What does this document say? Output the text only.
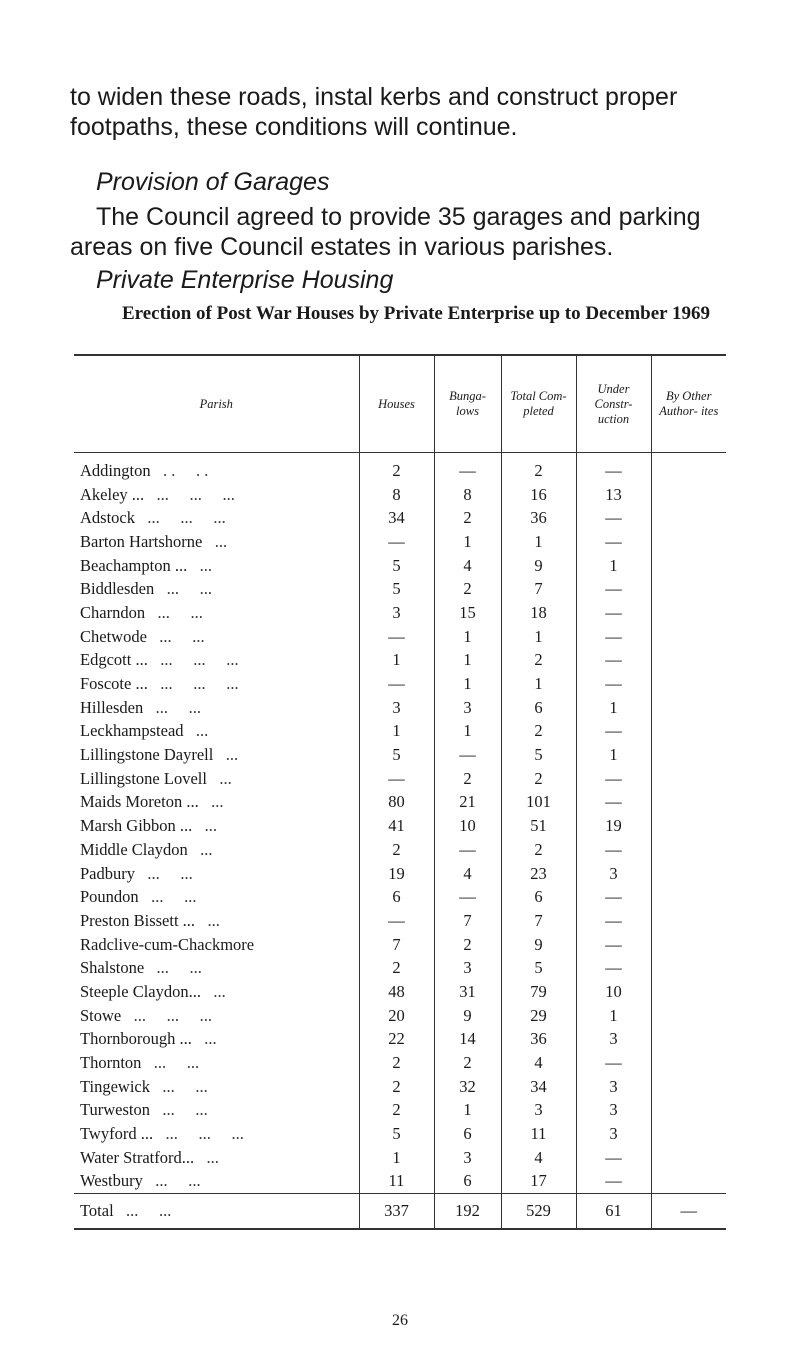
to widen these roads, instal kerbs and construct proper footpaths, these conditions will continue.

Provision of Garages

The Council agreed to provide 35 garages and parking areas on five Council estates in various parishes.

Private Enterprise Housing

Erection of Post War Houses by Private Enterprise up to December 1969

Parish	Houses	Bunga- lows	Total Com- pleted	Under Constr- uction	By Other Author- ites
Addington . .     . .	2	—	2	—	
Akeley ... ...     ...     ...	8	8	16	13	
Adstock ...     ...     ...	34	2	36	—	
Barton Hartshorne ...	—	1	1	—	
Beachampton ... ...	5	4	9	1	
Biddlesden ...     ...	5	2	7	—	
Charndon ...     ...	3	15	18	—	
Chetwode ...     ...	—	1	1	—	
Edgcott ... ...     ...     ...	1	1	2	—	
Foscote ... ...     ...     ...	—	1	1	—	
Hillesden ...     ...	3	3	6	1	
Leckhampstead ...	1	1	2	—	
Lillingstone Dayrell ...	5	—	5	1	
Lillingstone Lovell ...	—	2	2	—	
Maids Moreton ... ...	80	21	101	—	
Marsh Gibbon ... ...	41	10	51	19	
Middle Claydon ...	2	—	2	—	
Padbury ...     ...	19	4	23	3	
Poundon ...     ...	6	—	6	—	
Preston Bissett ... ...	—	7	7	—	
Radclive-cum-Chackmore	7	2	9	—	
Shalstone ...     ...	2	3	5	—	
Steeple Claydon... ...	48	31	79	10	
Stowe ...     ...     ...	20	9	29	1	
Thornborough ... ...	22	14	36	3	
Thornton ...     ...	2	2	4	—	
Tingewick ...     ...	2	32	34	3	
Turweston ...     ...	2	1	3	3	
Twyford ... ...     ...     ...	5	6	11	3	
Water Stratford... ...	1	3	4	—	
Westbury ...     ...	11	6	17	—	
Total ...     ...	337	192	529	61	—
26
